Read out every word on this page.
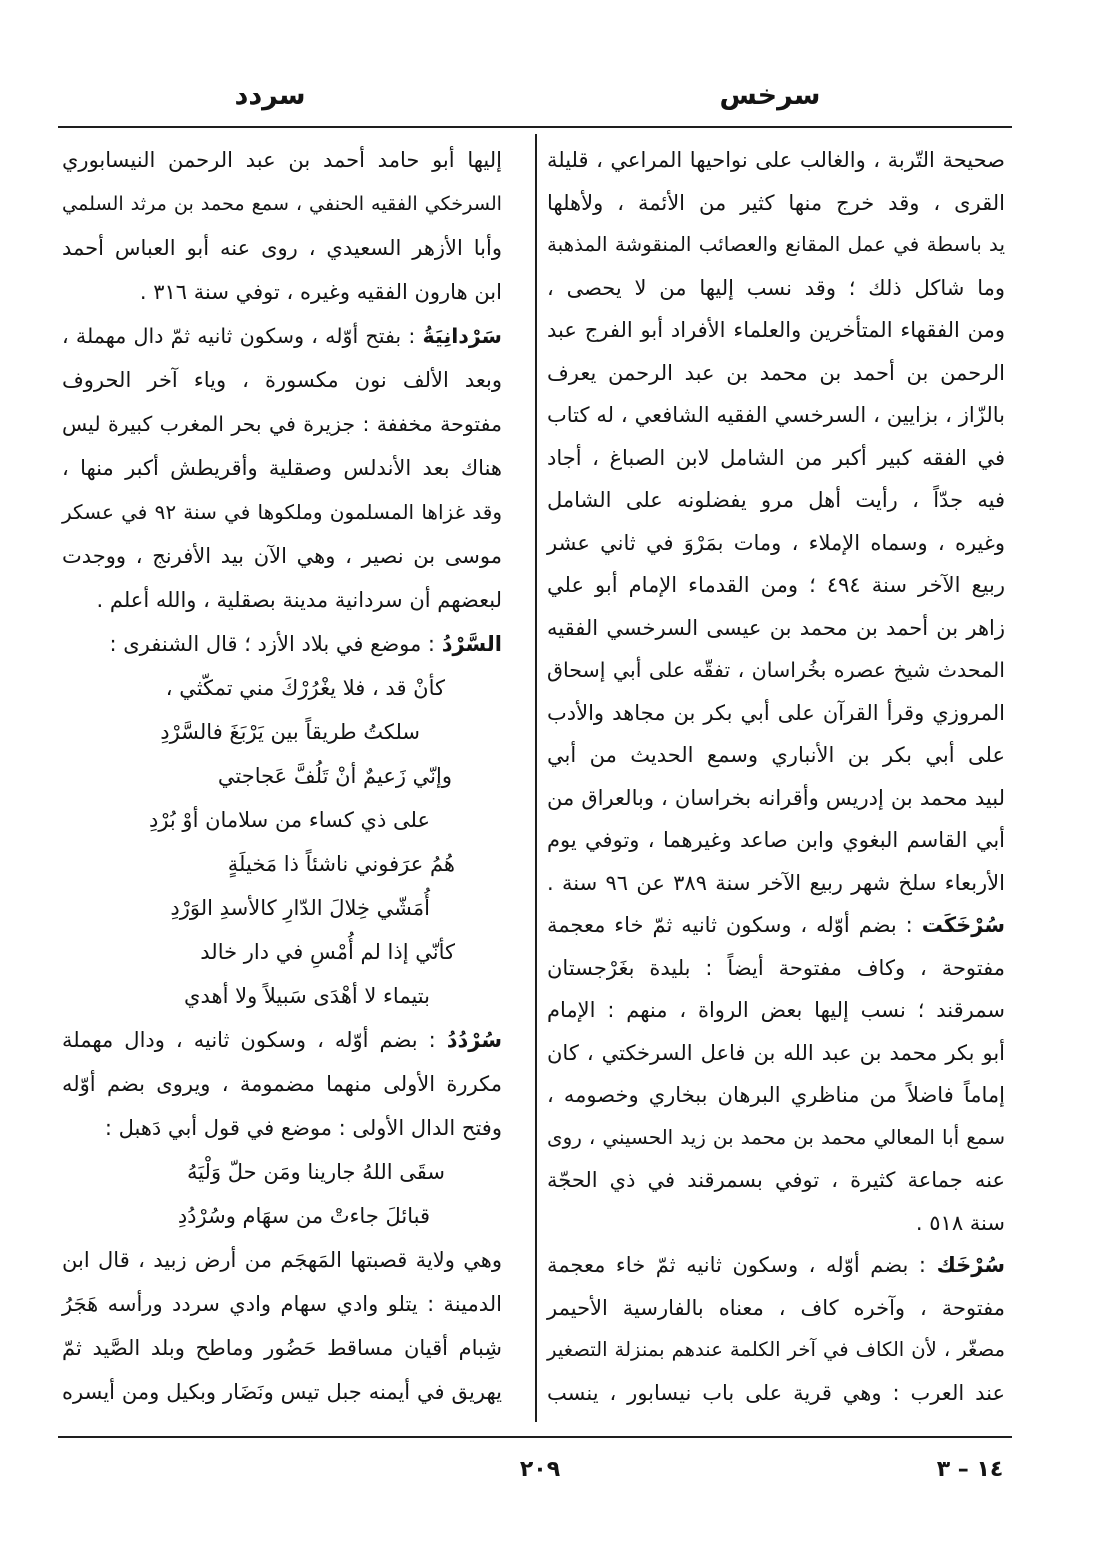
سرخس
سردد
صحيحة التّربة ، والغالب على نواحيها المراعي ، قليلة
القرى ، وقد خرج منها كثير من الأئمة ، ولأهلها
يد باسطة في عمل المقانع والعصائب المنقوشة المذهبة
وما شاكل ذلك ؛ وقد نسب إليها من لا يحصى ،
ومن الفقهاء المتأخرين والعلماء الأفراد أبو الفرج عبد
الرحمن بن أحمد بن محمد بن عبد الرحمن يعرف
بالزّاز ، بزايين ، السرخسي الفقيه الشافعي ، له كتاب
في الفقه كبير أكبر من الشامل لابن الصباغ ، أجاد
فيه جدّاً ، رأيت أهل مرو يفضلونه على الشامل
وغيره ، وسماه الإملاء ، ومات بمَرْوَ في ثاني عشر
ربيع الآخر سنة ٤٩٤ ؛ ومن القدماء الإمام أبو علي
زاهر بن أحمد بن محمد بن عيسى السرخسي الفقيه
المحدث شيخ عصره بخُراسان ، تفقّه على أبي إسحاق
المروزي وقرأ القرآن على أبي بكر بن مجاهد والأدب
على أبي بكر بن الأنباري وسمع الحديث من أبي
لبيد محمد بن إدريس وأقرانه بخراسان ، وبالعراق من
أبي القاسم البغوي وابن صاعد وغيرهما ، وتوفي يوم
الأربعاء سلخ شهر ربيع الآخر سنة ٣٨٩ عن ٩٦ سنة .
سُرْخَكَت : بضم أوّله ، وسكون ثانيه ثمّ خاء معجمة
مفتوحة ، وكاف مفتوحة أيضاً : بليدة بغَرْجستان
سمرقند ؛ نسب إليها بعض الرواة ، منهم : الإمام
أبو بكر محمد بن عبد الله بن فاعل السرخكتي ، كان
إماماً فاضلاً من مناظري البرهان ببخاري وخصومه ،
سمع أبا المعالي محمد بن محمد بن زيد الحسيني ، روى
عنه جماعة كثيرة ، توفي بسمرقند في ذي الحجّة
سنة ٥١٨ .
سُرْخَك : بضم أوّله ، وسكون ثانيه ثمّ خاء معجمة
مفتوحة ، وآخره كاف ، معناه بالفارسية الأحيمر
مصغّر ، لأن الكاف في آخر الكلمة عندهم بمنزلة التصغير
عند العرب : وهي قرية على باب نيسابور ، ينسب
إليها أبو حامد أحمد بن عبد الرحمن النيسابوري
السرخكي الفقيه الحنفي ، سمع محمد بن مرثد السلمي
وأبا الأزهر السعيدي ، روى عنه أبو العباس أحمد
ابن هارون الفقيه وغيره ، توفي سنة ٣١٦ .
سَرْدانِيَةُ : بفتح أوّله ، وسكون ثانيه ثمّ دال مهملة ،
وبعد الألف نون مكسورة ، وياء آخر الحروف
مفتوحة مخففة : جزيرة في بحر المغرب كبيرة ليس
هناك بعد الأندلس وصقلية وأقريطش أكبر منها ،
وقد غزاها المسلمون وملكوها في سنة ٩٢ في عسكر
موسى بن نصير ، وهي الآن بيد الأفرنج ، ووجدت
لبعضهم أن سردانية مدينة بصقلية ، والله أعلم .
السَّرْدُ : موضع في بلاد الأزد ؛ قال الشنفرى :
كأنْ قد ، فلا يغْرُرْكَ مني تمكّثي ،
سلكتُ طريقاً بين يَرْبَغَ فالسَّرْدِ
وإنّي زَعيمٌ أنْ تَلُفَّ عَجاجتي
على ذي كساء من سلامان أوْ بُرْدِ
هُمُ عرَفوني ناشئاً ذا مَخيلَةٍ
أُمَشّي خِلالَ الدّارِ كالأسدِ الوَرْدِ
كأنّي إذا لم أُمْسِ في دار خالد
بتيماء لا أهْدَى سَبيلاً ولا أهدي
سُرْدُدُ : بضم أوّله ، وسكون ثانيه ، ودال مهملة
مكررة الأولى منهما مضمومة ، ويروى بضم أوّله
وفتح الدال الأولى : موضع في قول أبي دَهبل :
سقَى اللهُ جارينا ومَن حلّ وَلْيَهُ
قبائلَ جاءتْ من سهَام وسُرْدُدِ
وهي ولاية قصبتها المَهجَم من أرض زبيد ، قال ابن
الدمينة : يتلو وادي سهام وادي سردد ورأسه هَجَرُ
شِبام أقيان مساقط حَضُور وماطح وبلد الصَّيد ثمّ
يهريق في أيمنه جبل تيس ونَضَار وبكيل ومن أيسره
٢٠٩	١٤ – ٣
